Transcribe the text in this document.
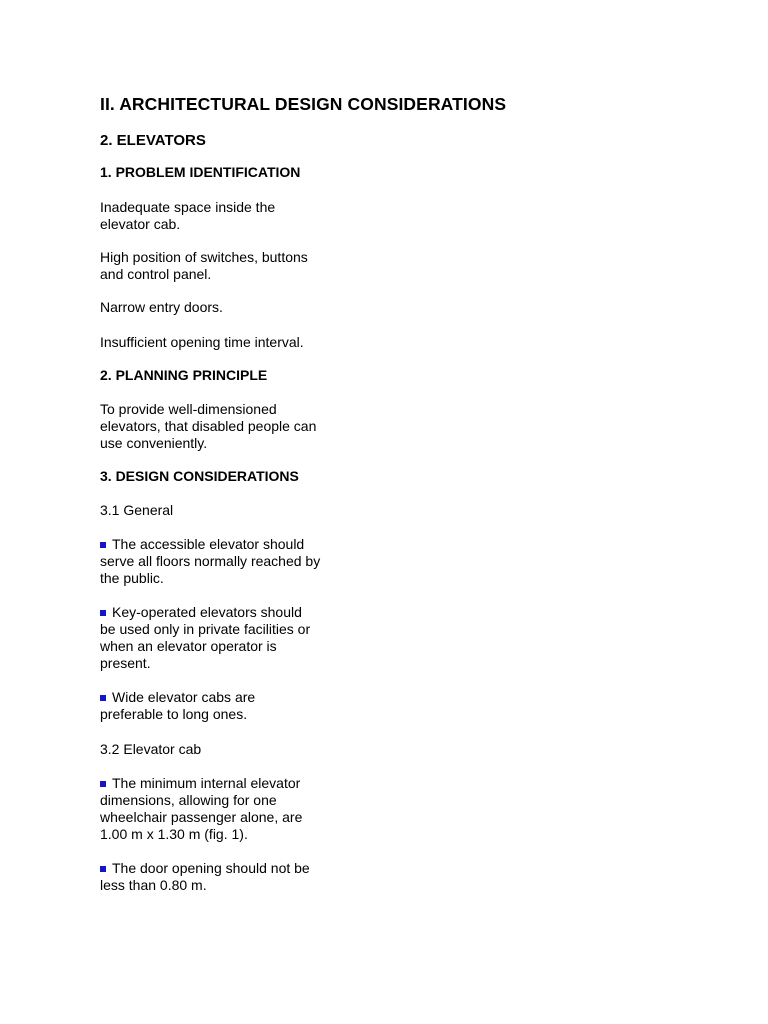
II. ARCHITECTURAL DESIGN CONSIDERATIONS
2. ELEVATORS
1. PROBLEM IDENTIFICATION

Inadequate space inside the
elevator cab.

High position of switches, buttons
and control panel.

Narrow entry doors.

Insufficient opening time interval.

2. PLANNING PRINCIPLE

To provide well-dimensioned
elevators, that disabled people can
use conveniently.

3. DESIGN CONSIDERATIONS

3.1 General

The accessible elevator should
serve all floors normally reached by
the public.

Key-operated elevators should
be used only in private facilities or
when an elevator operator is
present.

Wide elevator cabs are
preferable to long ones.

3.2 Elevator cab

The minimum internal elevator
dimensions, allowing for one
wheelchair passenger alone, are
1.00 m x 1.30 m (fig. 1).

The door opening should not be
less than 0.80 m.
